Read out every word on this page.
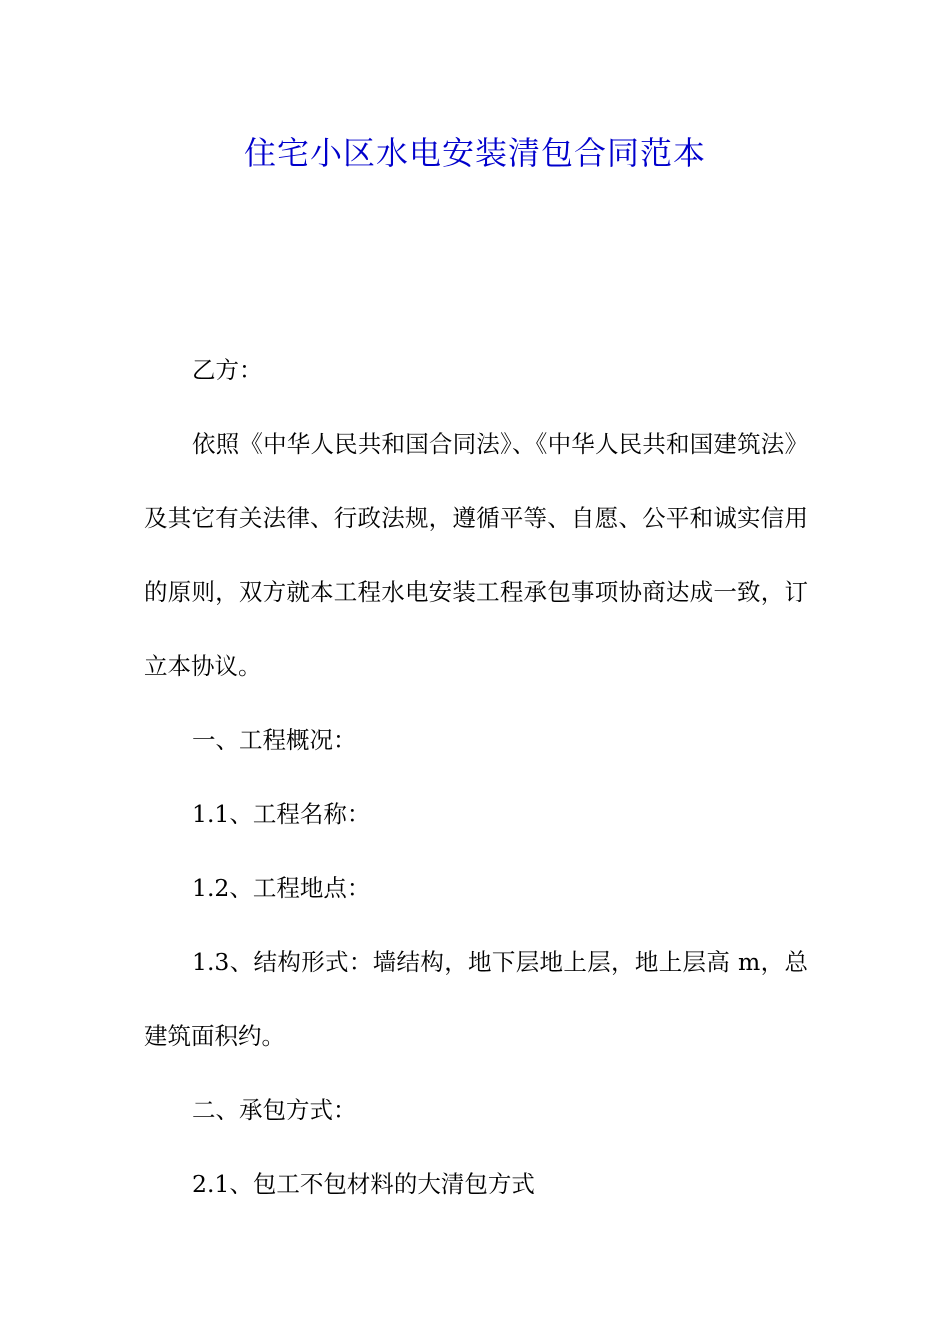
住宅小区水电安装清包合同范本

乙方：

依照《中华人民共和国合同法》、《中华人民共和国建筑法》及其它有关法律、行政法规，遵循平等、自愿、公平和诚实信用的原则，双方就本工程水电安装工程承包事项协商达成一致，订立本协议。

一、工程概况：

1.1、工程名称：

1.2、工程地点：

1.3、结构形式：墙结构，地下层地上层，地上层高 m，总建筑面积约。

二、承包方式：

2.1、包工不包材料的大清包方式
